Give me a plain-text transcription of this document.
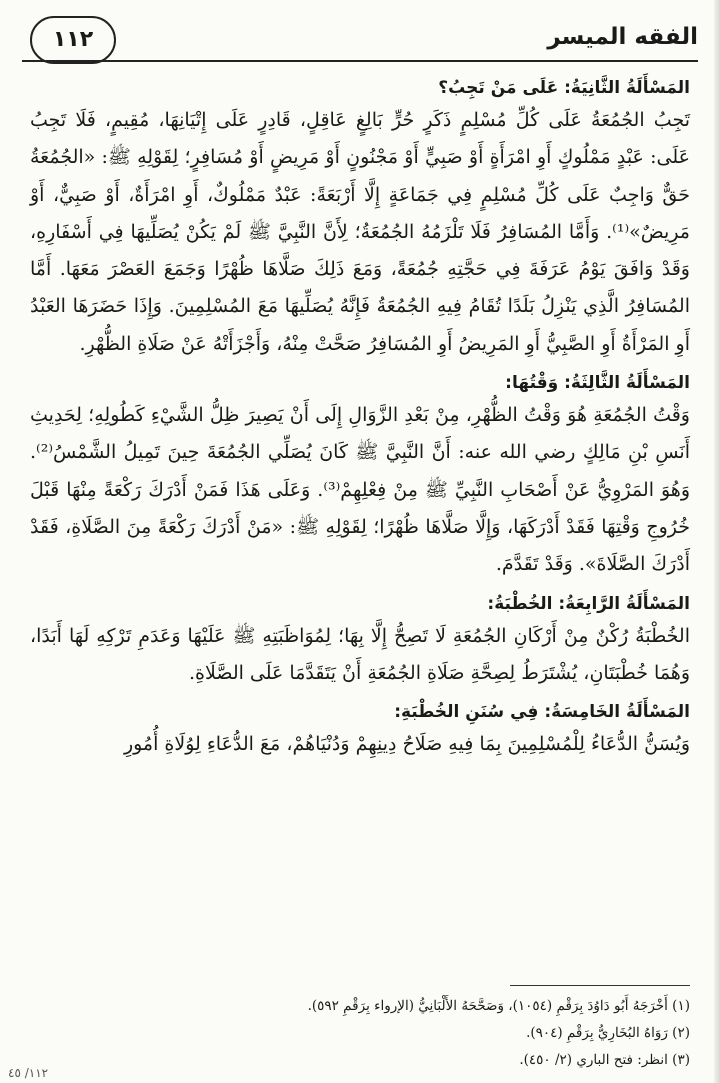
الفقه الميسر
١١٢
المَسْأَلَةُ الثَّانِيَةُ: عَلَى مَنْ تَجِبُ؟

تَجِبُ الجُمُعَةُ عَلَى كُلِّ مُسْلِمٍ ذَكَرٍ حُرٍّ بَالِغٍ عَاقِلٍ، قَادِرٍ عَلَى إِتْيَانِهَا، مُقِيمٍ، فَلَا تَجِبُ عَلَى: عَبْدٍ مَمْلُوكٍ أَوِ امْرَأَةٍ أَوْ صَبِيٍّ أَوْ مَجْنُونٍ أَوْ مَرِيضٍ أَوْ مُسَافِرٍ؛ لِقَوْلِهِ ﷺ: «الجُمُعَةُ حَقٌّ وَاجِبٌ عَلَى كُلِّ مُسْلِمٍ فِي جَمَاعَةٍ إِلَّا أَرْبَعَةً: عَبْدٌ مَمْلُوكٌ، أَوِ امْرَأَةٌ، أَوْ صَبِيٌّ، أَوْ مَرِيضٌ»⁽¹⁾. وَأَمَّا المُسَافِرُ فَلَا تَلْزَمُهُ الجُمُعَةُ؛ لِأَنَّ النَّبِيَّ ﷺ لَمْ يَكُنْ يُصَلِّيهَا فِي أَسْفَارِهِ، وَقَدْ وَافَقَ يَوْمُ عَرَفَةَ فِي حَجَّتِهِ جُمُعَةً، وَمَعَ ذَلِكَ صَلَّاهَا ظُهْرًا وَجَمَعَ العَصْرَ مَعَهَا. أَمَّا المُسَافِرُ الَّذِي يَنْزِلُ بَلَدًا تُقَامُ فِيهِ الجُمُعَةُ فَإِنَّهُ يُصَلِّيهَا مَعَ المُسْلِمِينَ. وَإِذَا حَضَرَهَا العَبْدُ أَوِ المَرْأَةُ أَوِ الصَّبِيُّ أَوِ المَرِيضُ أَوِ المُسَافِرُ صَحَّتْ مِنْهُ، وَأَجْزَأَتْهُ عَنْ صَلَاةِ الظُّهْرِ.

المَسْأَلَةُ الثَّالِثَةُ: وَقْتُهَا:

وَقْتُ الجُمُعَةِ هُوَ وَقْتُ الظُّهْرِ، مِنْ بَعْدِ الزَّوَالِ إِلَى أَنْ يَصِيرَ ظِلُّ الشَّيْءِ كَطُولِهِ؛ لِحَدِيثِ أَنَسِ بْنِ مَالِكٍ رضي الله عنه: أَنَّ النَّبِيَّ ﷺ كَانَ يُصَلِّي الجُمُعَةَ حِينَ تَمِيلُ الشَّمْسُ⁽²⁾. وَهُوَ المَرْوِيُّ عَنْ أَصْحَابِ النَّبِيِّ ﷺ مِنْ فِعْلِهِمْ⁽³⁾. وَعَلَى هَذَا فَمَنْ أَدْرَكَ رَكْعَةً مِنْهَا قَبْلَ خُرُوجِ وَقْتِهَا فَقَدْ أَدْرَكَهَا، وَإِلَّا صَلَّاهَا ظُهْرًا؛ لِقَوْلِهِ ﷺ: «مَنْ أَدْرَكَ رَكْعَةً مِنَ الصَّلَاةِ، فَقَدْ أَدْرَكَ الصَّلَاةَ». وَقَدْ تَقَدَّمَ.

المَسْأَلَةُ الرَّابِعَةُ: الخُطْبَةُ:

الخُطْبَةُ رُكْنٌ مِنْ أَرْكَانِ الجُمُعَةِ لَا تَصِحُّ إِلَّا بِهَا؛ لِمُوَاظَبَتِهِ ﷺ عَلَيْهَا وَعَدَمِ تَرْكِهِ لَهَا أَبَدًا، وَهُمَا خُطْبَتَانِ، يُشْتَرَطُ لِصِحَّةِ صَلَاةِ الجُمُعَةِ أَنْ يَتَقَدَّمَا عَلَى الصَّلَاةِ.

المَسْأَلَةُ الخَامِسَةُ: فِي سُنَنِ الخُطْبَةِ:

وَيُسَنُّ الدُّعَاءُ لِلْمُسْلِمِينَ بِمَا فِيهِ صَلَاحُ دِينِهِمْ وَدُنْيَاهُمْ، مَعَ الدُّعَاءِ لِوُلَاةِ أُمُورِ

(١) أَخْرَجَهُ أَبُو دَاوُدَ بِرَقْمِ (١٠٥٤)، وَصَحَّحَهُ الأَلْبَانِيُّ (الإرواء بِرَقْمِ ٥٩٢).
(٢) رَوَاهُ البُخَارِيُّ بِرَقْمِ (٩٠٤).
(٣) انظر: فتح الباري (٢/ ٤٥٠).
١١٢/ ٤٥
